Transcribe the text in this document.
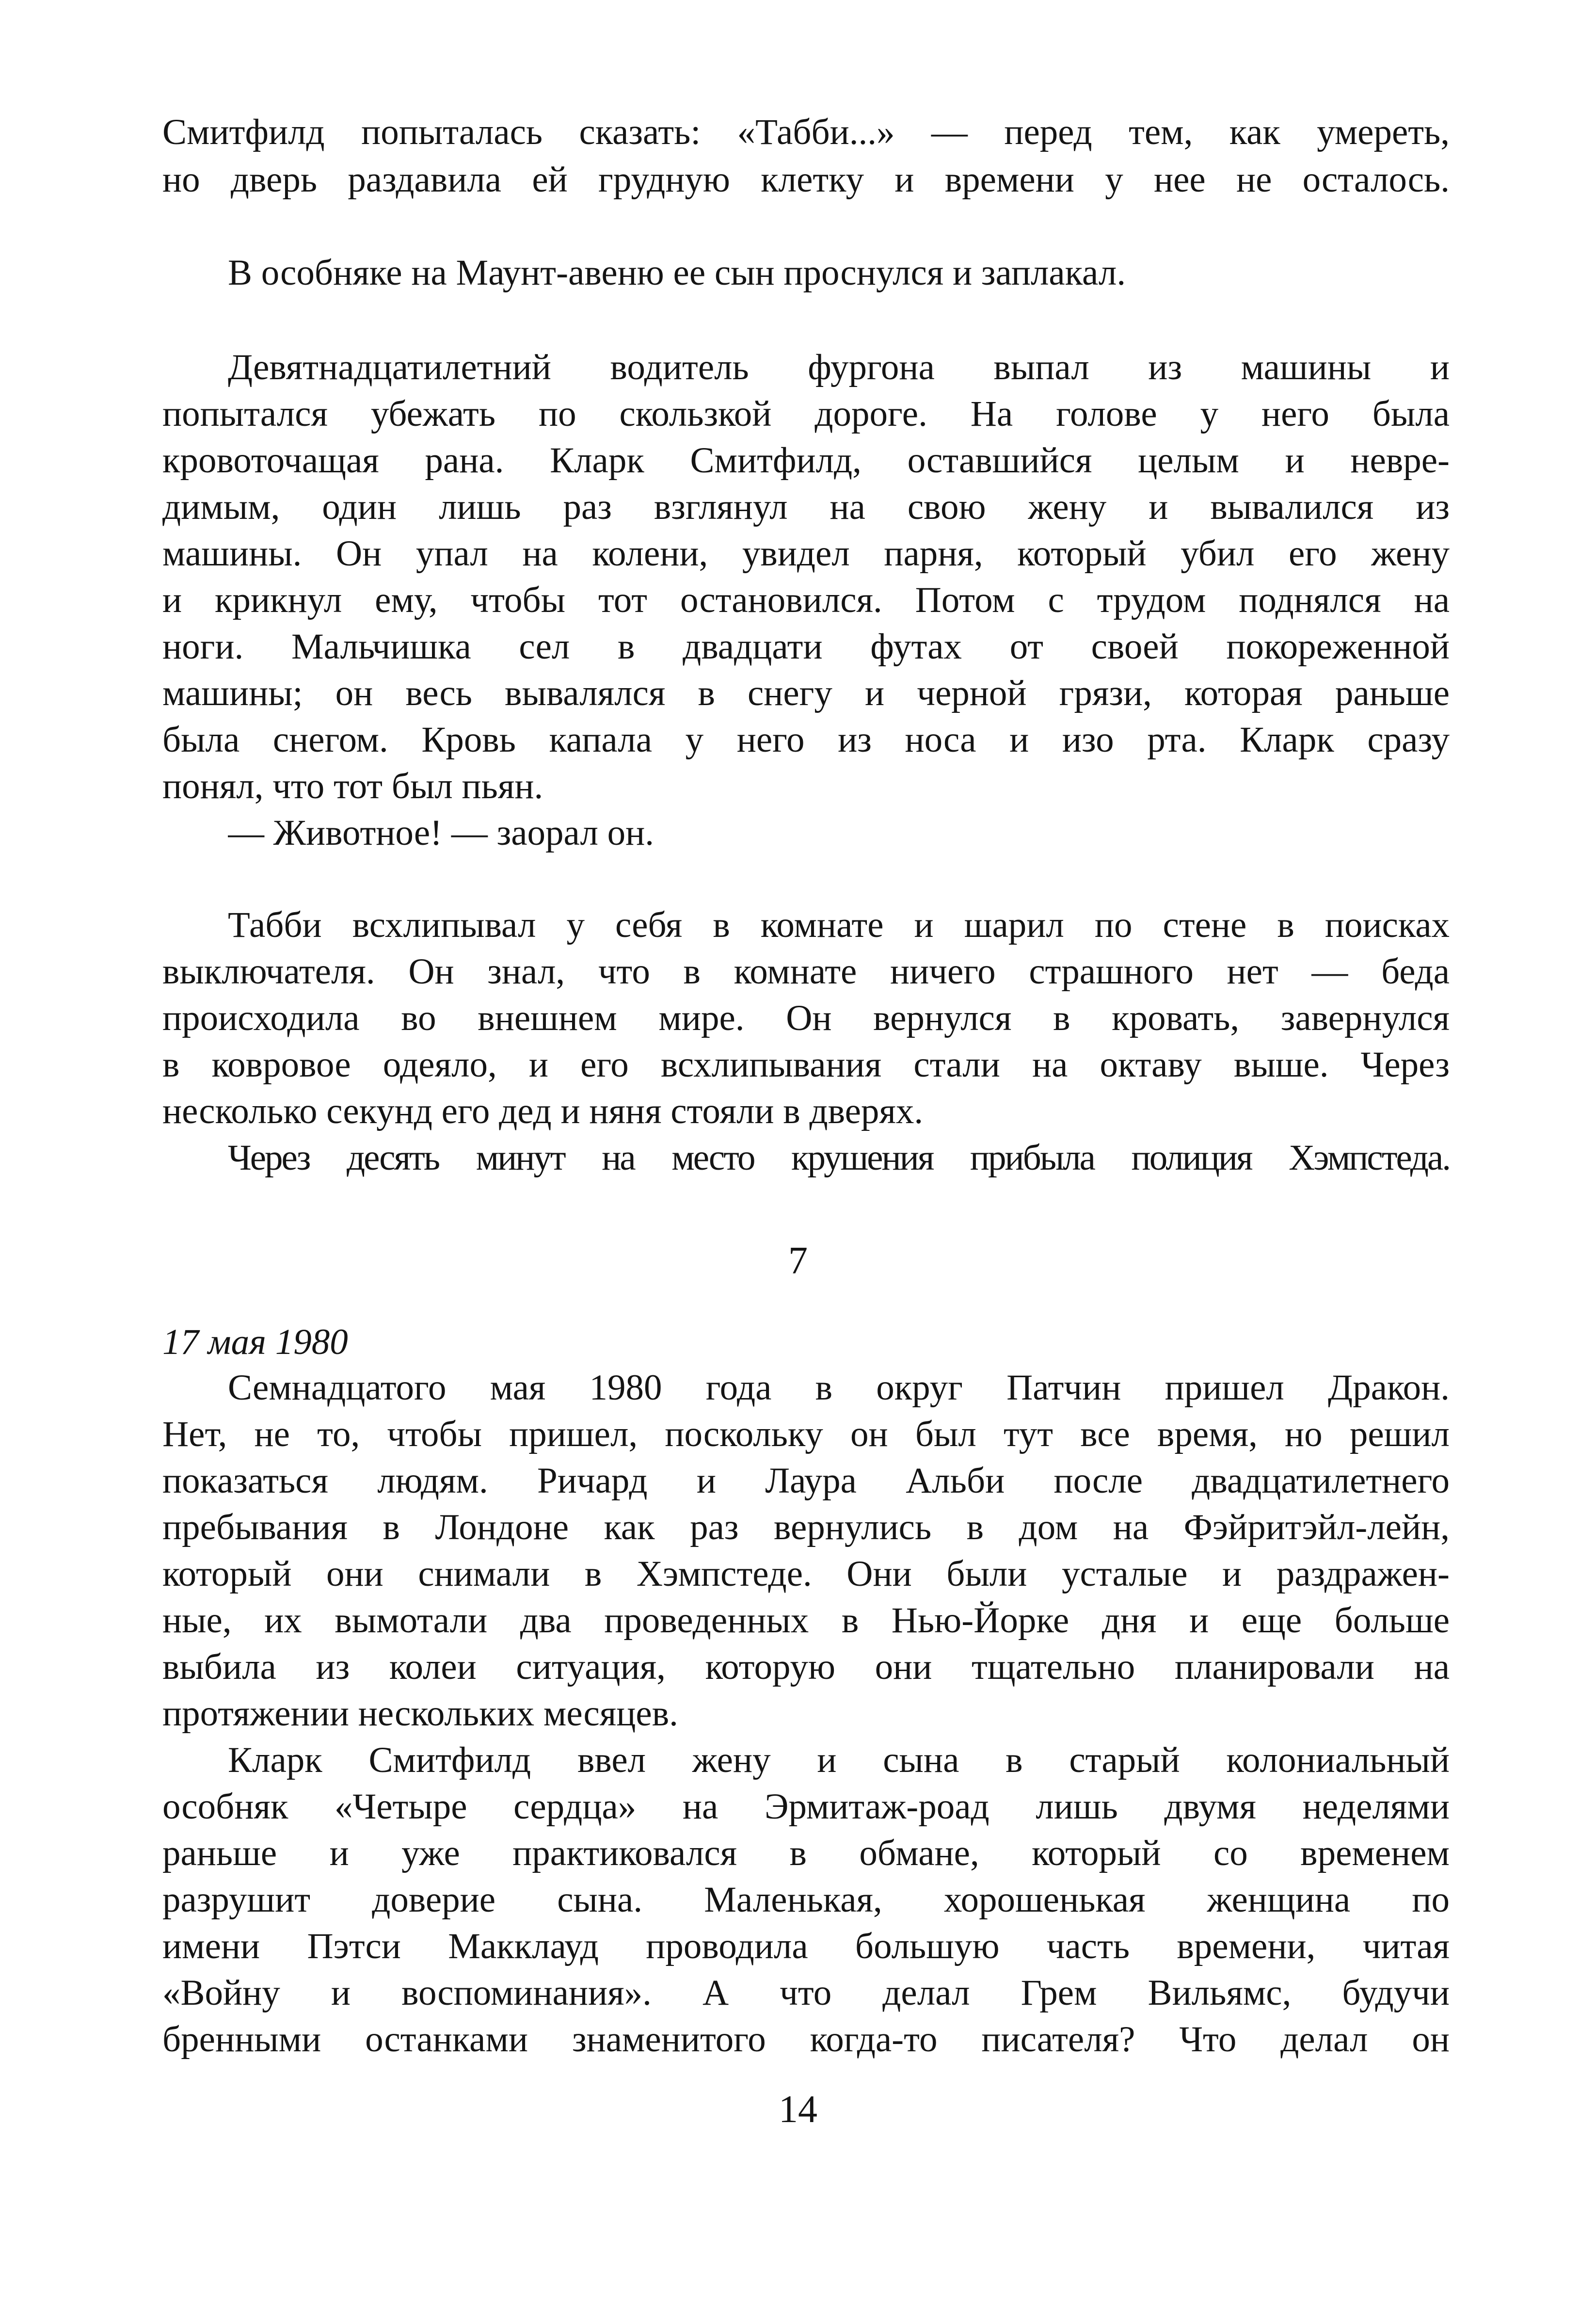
Смитфилд попыталась сказать: «Табби...» — перед тем, как умереть,

но дверь раздавила ей грудную клетку и времени у нее не осталось.

В особняке на Маунт-авеню ее сын проснулся и заплакал.

Девятнадцатилетний водитель фургона выпал из машины и

попытался убежать по скользкой дороге. На голове у него была

кровоточащая рана. Кларк Смитфилд, оставшийся целым и невре-

димым, один лишь раз взглянул на свою жену и вывалился из

машины. Он упал на колени, увидел парня, который убил его жену

и крикнул ему, чтобы тот остановился. Потом с трудом поднялся на

ноги. Мальчишка сел в двадцати футах от своей покореженной

машины; он весь вывалялся в снегу и черной грязи, которая раньше

была снегом. Кровь капала у него из носа и изо рта. Кларк сразу

понял, что тот был пьян.

— Животное! — заорал он.

Табби всхлипывал у себя в комнате и шарил по стене в поисках

выключателя. Он знал, что в комнате ничего страшного нет — беда

происходила во внешнем мире. Он вернулся в кровать, завернулся

в ковровое одеяло, и его всхлипывания стали на октаву выше. Через

несколько секунд его дед и няня стояли в дверях.

Через десять минут на место крушения прибыла полиция Хэмпстеда.

7

17 мая 1980

Семнадцатого мая 1980 года в округ Патчин пришел Дракон.

Нет, не то, чтобы пришел, поскольку он был тут все время, но решил

показаться людям. Ричард и Лаура Альби после двадцатилетнего

пребывания в Лондоне как раз вернулись в дом на Фэйритэйл-лейн,

который они снимали в Хэмпстеде. Они были усталые и раздражен-

ные, их вымотали два проведенных в Нью-Йорке дня и еще больше

выбила из колеи ситуация, которую они тщательно планировали на

протяжении нескольких месяцев.

Кларк Смитфилд ввел жену и сына в старый колониальный

особняк «Четыре сердца» на Эрмитаж-роад лишь двумя неделями

раньше и уже практиковался в обмане, который со временем

разрушит доверие сына. Маленькая, хорошенькая женщина по

имени Пэтси Макклауд проводила большую часть времени, читая

«Войну и воспоминания». А что делал Грем Вильямс, будучи

бренными останками знаменитого когда-то писателя? Что делал он

14
